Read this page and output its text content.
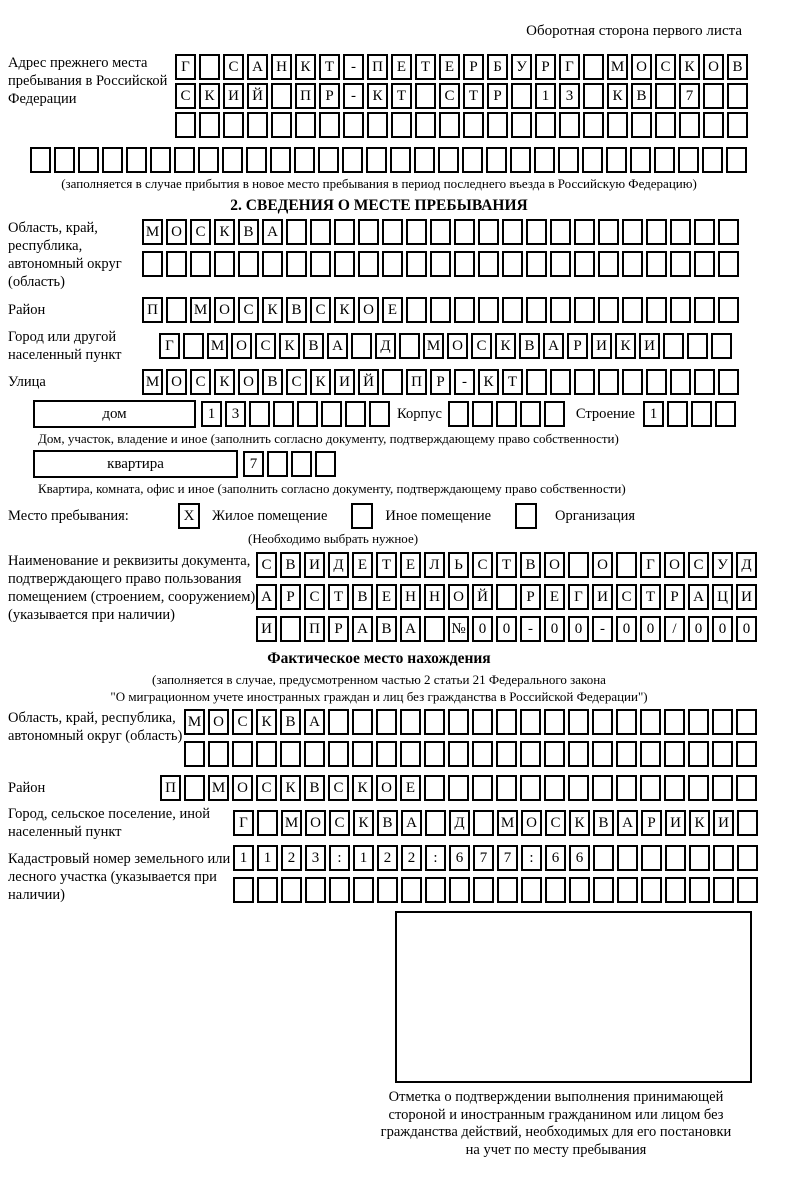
Оборотная сторона первого листа
Адрес прежнего места пребывания в Российской Федерации
Г	С А Н К Т	-	П Е Т Е	Р	Б У Р	Г	М О С К О В
С К И Й	П Р	-	К Т	С Т	Р	1	3	К В	7
(заполняется в случае прибытия в новое место пребывания в период последнего въезда в Российскую Федерацию)
2. СВЕДЕНИЯ О МЕСТЕ ПРЕБЫВАНИЯ
Область, край, республика, автономный округ (область)
М О С К В А
Район	П	М О С К В С К О Е
Город или другой населенный пункт
Г	М О С К В А	Д	М О С К В А Р И К И
Улица	М О С К О В С К И Й	П Р	-	К Т
дом	1	3	Корпус	Строение 1
Дом, участок, владение и иное (заполнить согласно документу, подтверждающему право собственности)
квартира	7
Квартира, комната, офис и иное (заполнить согласно документу, подтверждающему право собственности)
Место пребывания:	X	Жилое помещение	Иное помещение	Организация
(Необходимо выбрать нужное)
Наименование и реквизиты документа, подтверждающего право пользования помещением (строением, сооружением) (указывается при наличии)
С В И Д Е Т Е Л Ь С Т В О	О	Г О С У Д
А Р С Т В Е Н Н О Й	Р	Е	Г И С Т	Р А Ц И
И	П Р А В А	№ 0	0	-	0	0	-	0	0	/	0	0	0
Фактическое место нахождения
(заполняется в случае, предусмотренном частью 2 статьи 21 Федерального закона
"О миграционном учете иностранных граждан и лиц без гражданства в Российской Федерации")
Область, край, республика, автономный округ (область)
М О С К В А
Район	П	М О С К В С К О Е
Город, сельское поселение, иной населенный пункт
Г	М О С К В А	Д	М О С К В А Р И К И
Кадастровый номер земельного или лесного участка (указывается при наличии)
1	1	2	3	:	1	2	2	:	6	7	7	:	6	6
Отметка о подтверждении выполнения принимающей
стороной и иностранным гражданином или лицом без
гражданства действий, необходимых для его постановки
на учет по месту пребывания
